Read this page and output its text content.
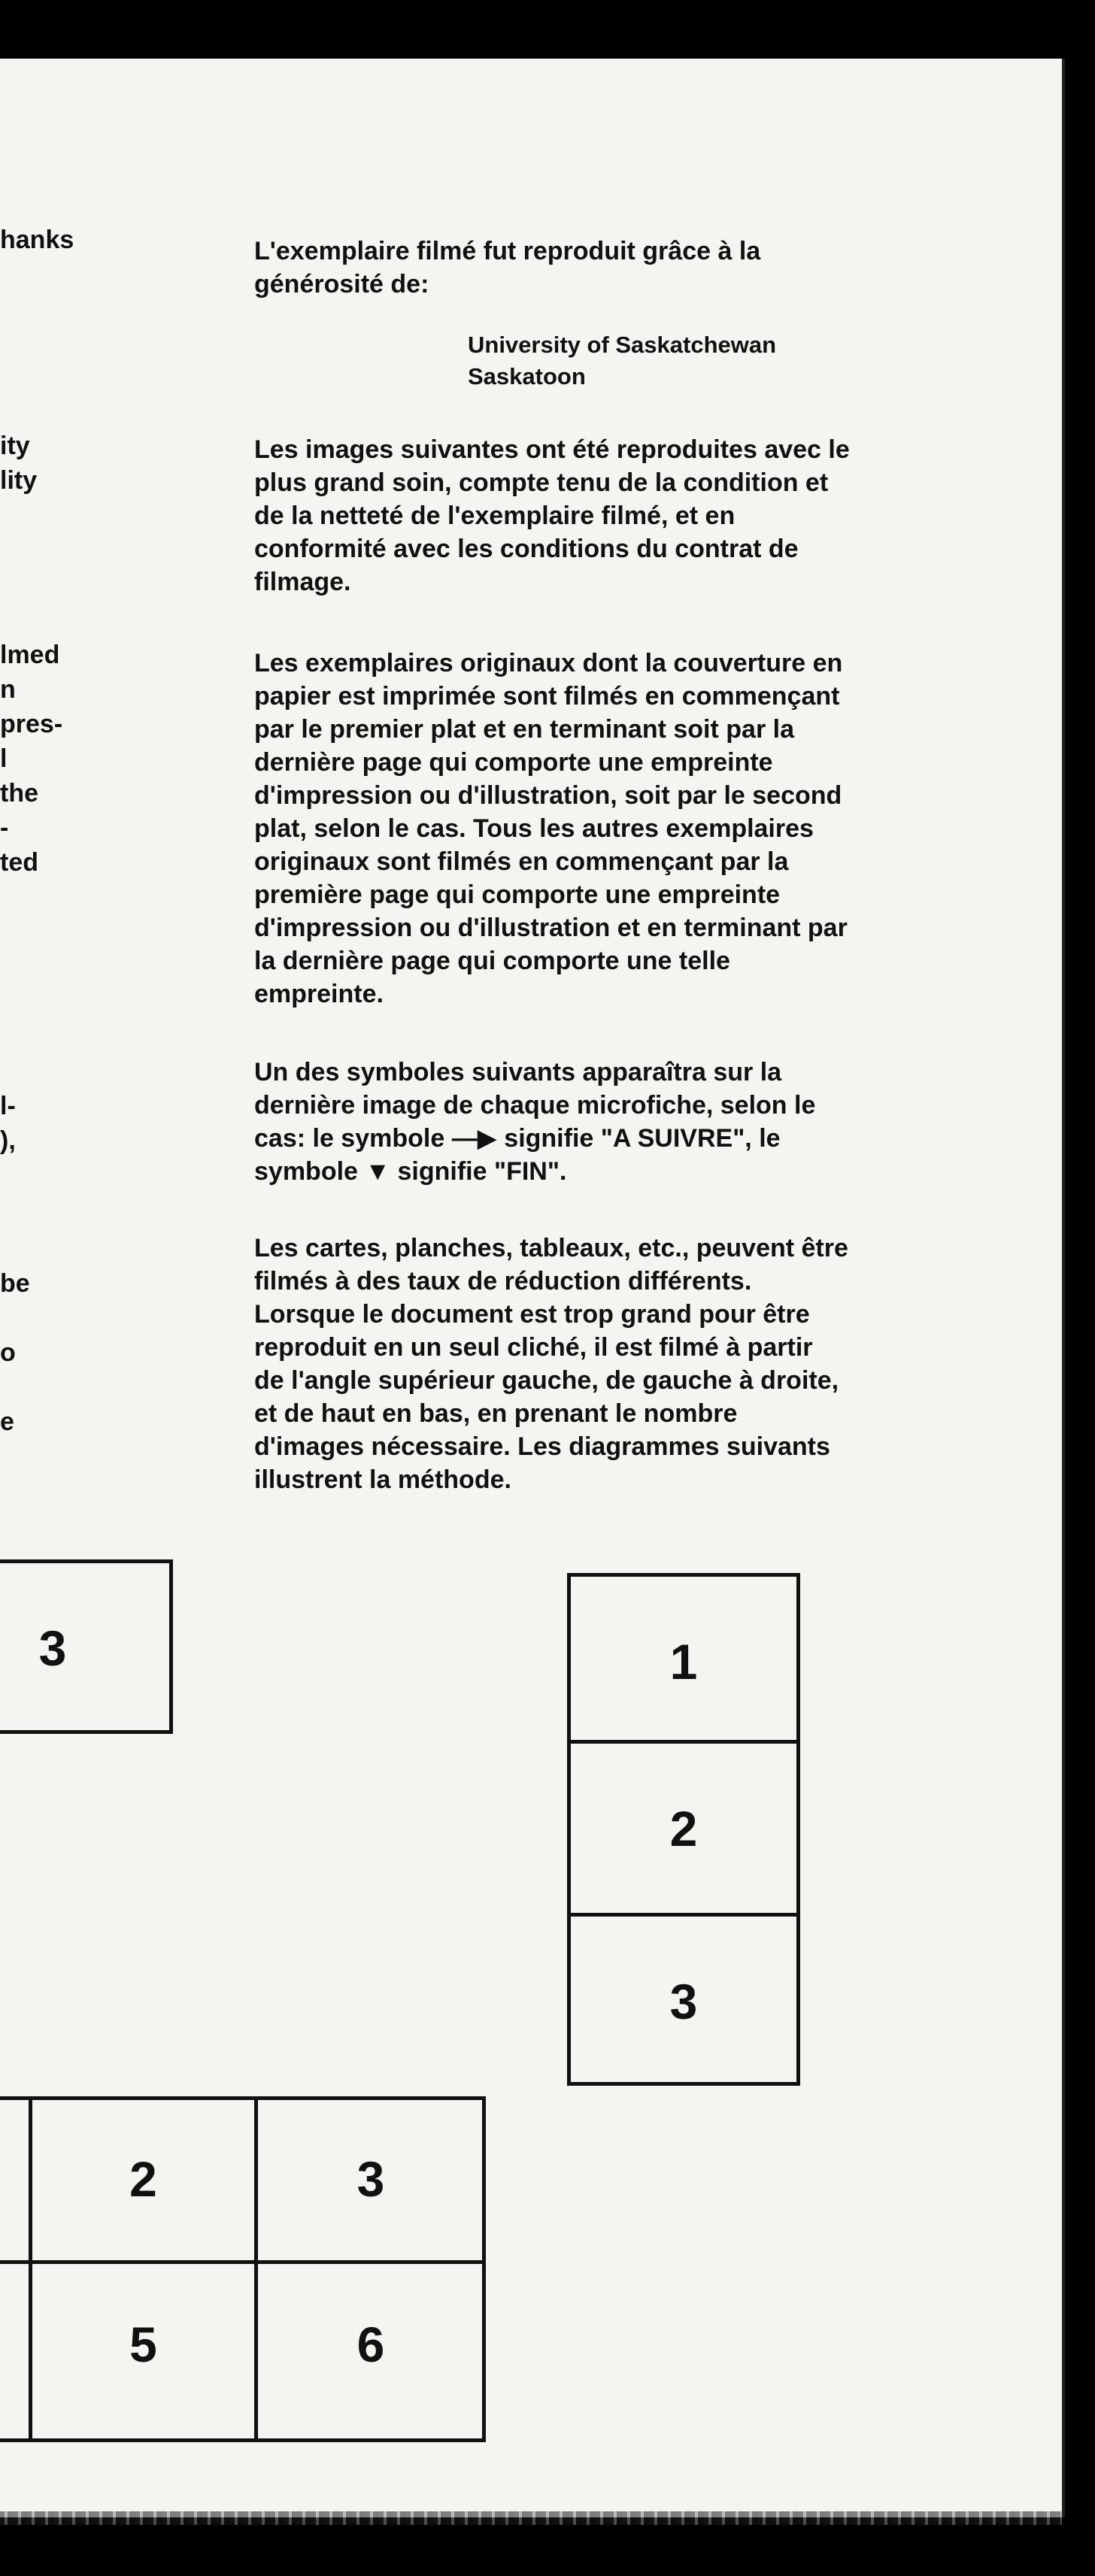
hanks
ity
lity
lmed
n
pres-
l
the
-
ted
l-
),
be
o
e

L'exemplaire filmé fut reproduit grâce à la

générosité de:

University of Saskatchewan
Saskatoon

Les images suivantes ont été reproduites avec le

plus grand soin, compte tenu de la condition et

de la netteté de l'exemplaire filmé, et en

conformité avec les conditions du contrat de

filmage.

Les exemplaires originaux dont la couverture en

papier est imprimée sont filmés en commençant

par le premier plat et en terminant soit par la

dernière page qui comporte une empreinte

d'impression ou d'illustration, soit par le second

plat, selon le cas. Tous les autres exemplaires

originaux sont filmés en commençant par la

première page qui comporte une empreinte

d'impression ou d'illustration et en terminant par

la dernière page qui comporte une telle

empreinte.

Un des symboles suivants apparaîtra sur la

dernière image de chaque microfiche, selon le

cas: le symbole —▶ signifie "A SUIVRE", le

symbole ▼ signifie "FIN".

Les cartes, planches, tableaux, etc., peuvent être

filmés à des taux de réduction différents.

Lorsque le document est trop grand pour être

reproduit en un seul cliché, il est filmé à partir

de l'angle supérieur gauche, de gauche à droite,

et de haut en bas, en prenant le nombre

d'images nécessaire. Les diagrammes suivants

illustrent la méthode.

3	1
2
3
2	3
5	6
